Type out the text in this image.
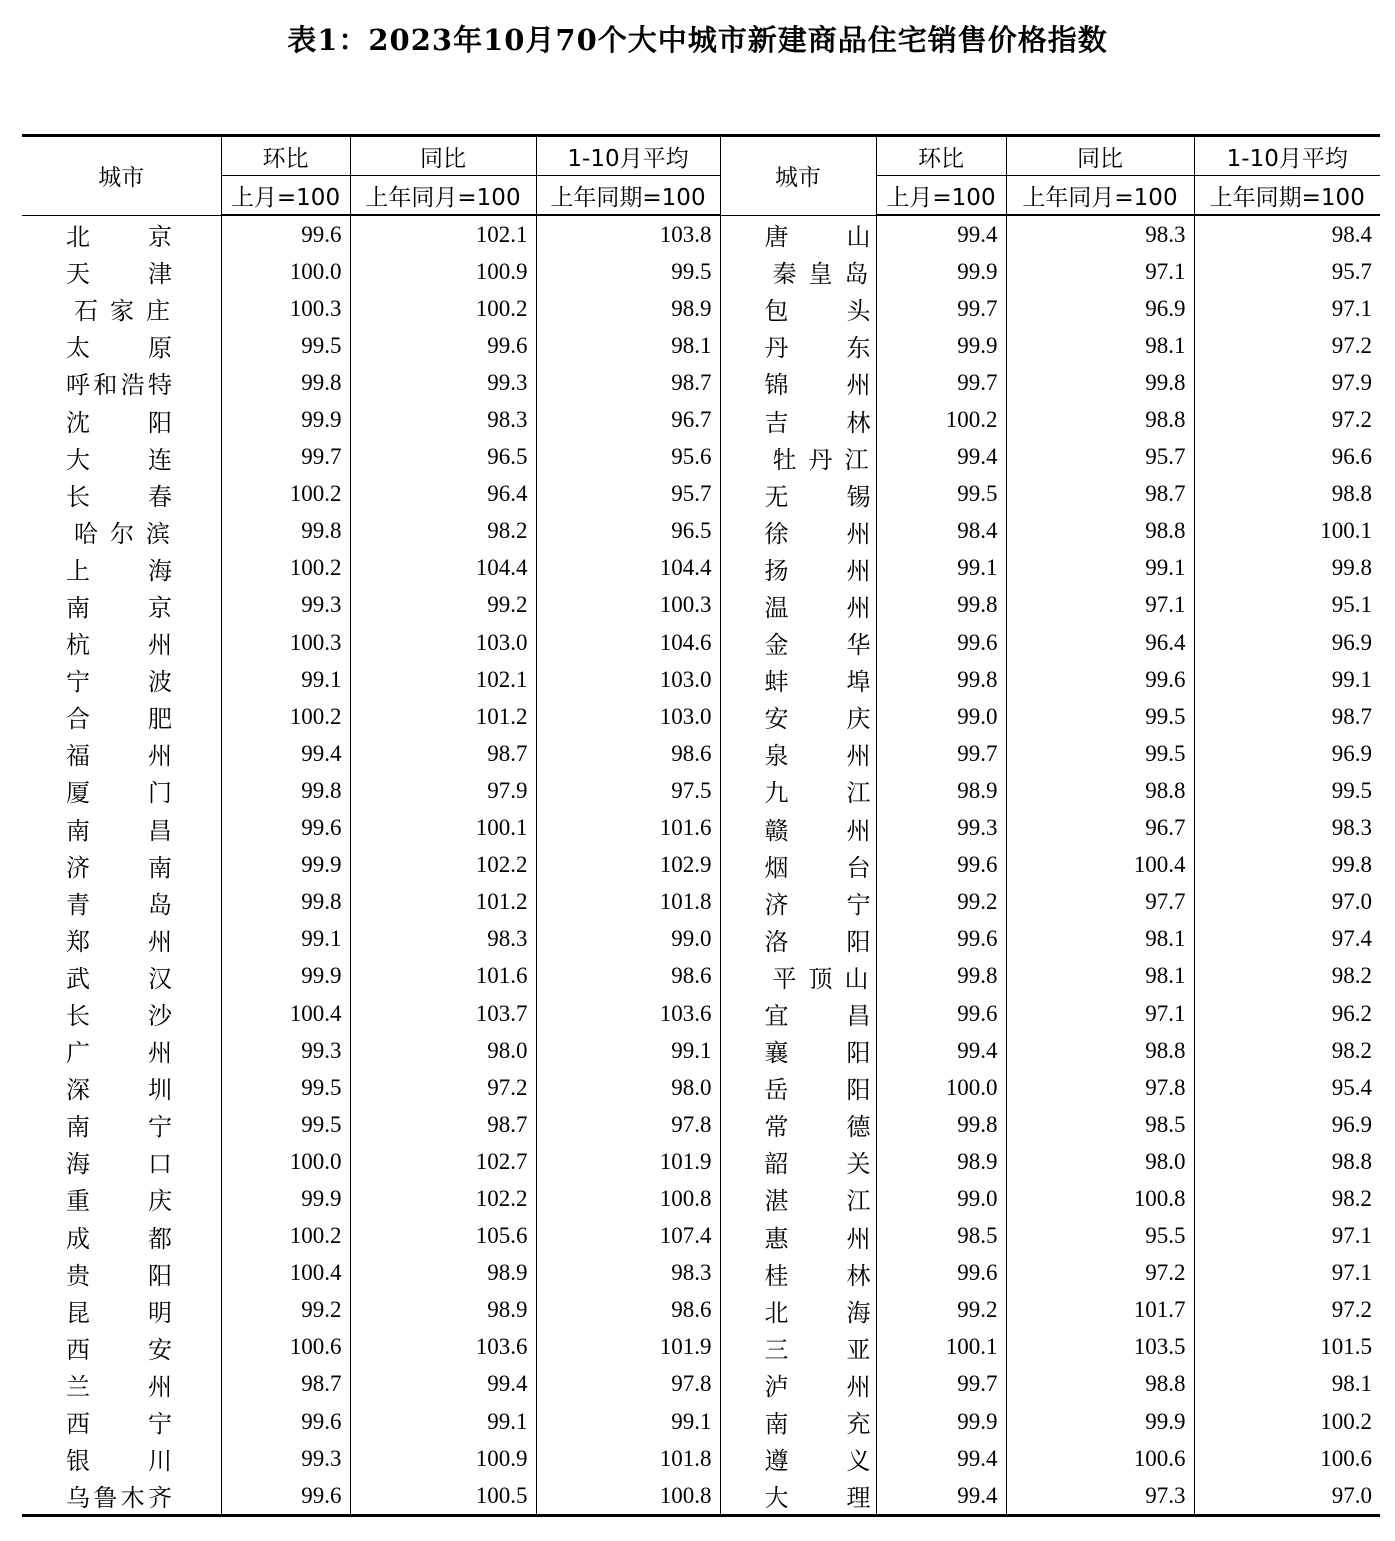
表1：2023年10月70个大中城市新建商品住宅销售价格指数
城市	环比	同比	1-10月平均	城市	环比	同比	1-10月平均
	上月=100	上年同月=100	上年同期=100		上月=100	上年同月=100	上年同期=100

北 京	99.6	102.1	103.8	唐 山	99.4	98.3	98.4

天 津	100.0	100.9	99.5	秦 皇 岛	99.9	97.1	95.7

石 家 庄	100.3	100.2	98.9	包 头	99.7	96.9	97.1

太 原	99.5	99.6	98.1	丹 东	99.9	98.1	97.2

呼 和 浩 特	99.8	99.3	98.7	锦 州	99.7	99.8	97.9

沈 阳	99.9	98.3	96.7	吉 林	100.2	98.8	97.2

大 连	99.7	96.5	95.6	牡 丹 江	99.4	95.7	96.6

长 春	100.2	96.4	95.7	无 锡	99.5	98.7	98.8

哈 尔 滨	99.8	98.2	96.5	徐 州	98.4	98.8	100.1

上 海	100.2	104.4	104.4	扬 州	99.1	99.1	99.8

南 京	99.3	99.2	100.3	温 州	99.8	97.1	95.1

杭 州	100.3	103.0	104.6	金 华	99.6	96.4	96.9

宁 波	99.1	102.1	103.0	蚌 埠	99.8	99.6	99.1

合 肥	100.2	101.2	103.0	安 庆	99.0	99.5	98.7

福 州	99.4	98.7	98.6	泉 州	99.7	99.5	96.9

厦 门	99.8	97.9	97.5	九 江	98.9	98.8	99.5

南 昌	99.6	100.1	101.6	赣 州	99.3	96.7	98.3

济 南	99.9	102.2	102.9	烟 台	99.6	100.4	99.8

青 岛	99.8	101.2	101.8	济 宁	99.2	97.7	97.0

郑 州	99.1	98.3	99.0	洛 阳	99.6	98.1	97.4

武 汉	99.9	101.6	98.6	平 顶 山	99.8	98.1	98.2

长 沙	100.4	103.7	103.6	宜 昌	99.6	97.1	96.2

广 州	99.3	98.0	99.1	襄 阳	99.4	98.8	98.2

深 圳	99.5	97.2	98.0	岳 阳	100.0	97.8	95.4

南 宁	99.5	98.7	97.8	常 德	99.8	98.5	96.9

海 口	100.0	102.7	101.9	韶 关	98.9	98.0	98.8

重 庆	99.9	102.2	100.8	湛 江	99.0	100.8	98.2

成 都	100.2	105.6	107.4	惠 州	98.5	95.5	97.1

贵 阳	100.4	98.9	98.3	桂 林	99.6	97.2	97.1

昆 明	99.2	98.9	98.6	北 海	99.2	101.7	97.2

西 安	100.6	103.6	101.9	三 亚	100.1	103.5	101.5

兰 州	98.7	99.4	97.8	泸 州	99.7	98.8	98.1

西 宁	99.6	99.1	99.1	南 充	99.9	99.9	100.2

银 川	99.3	100.9	101.8	遵 义	99.4	100.6	100.6

乌 鲁 木 齐	99.6	100.5	100.8	大 理	99.4	97.3	97.0
